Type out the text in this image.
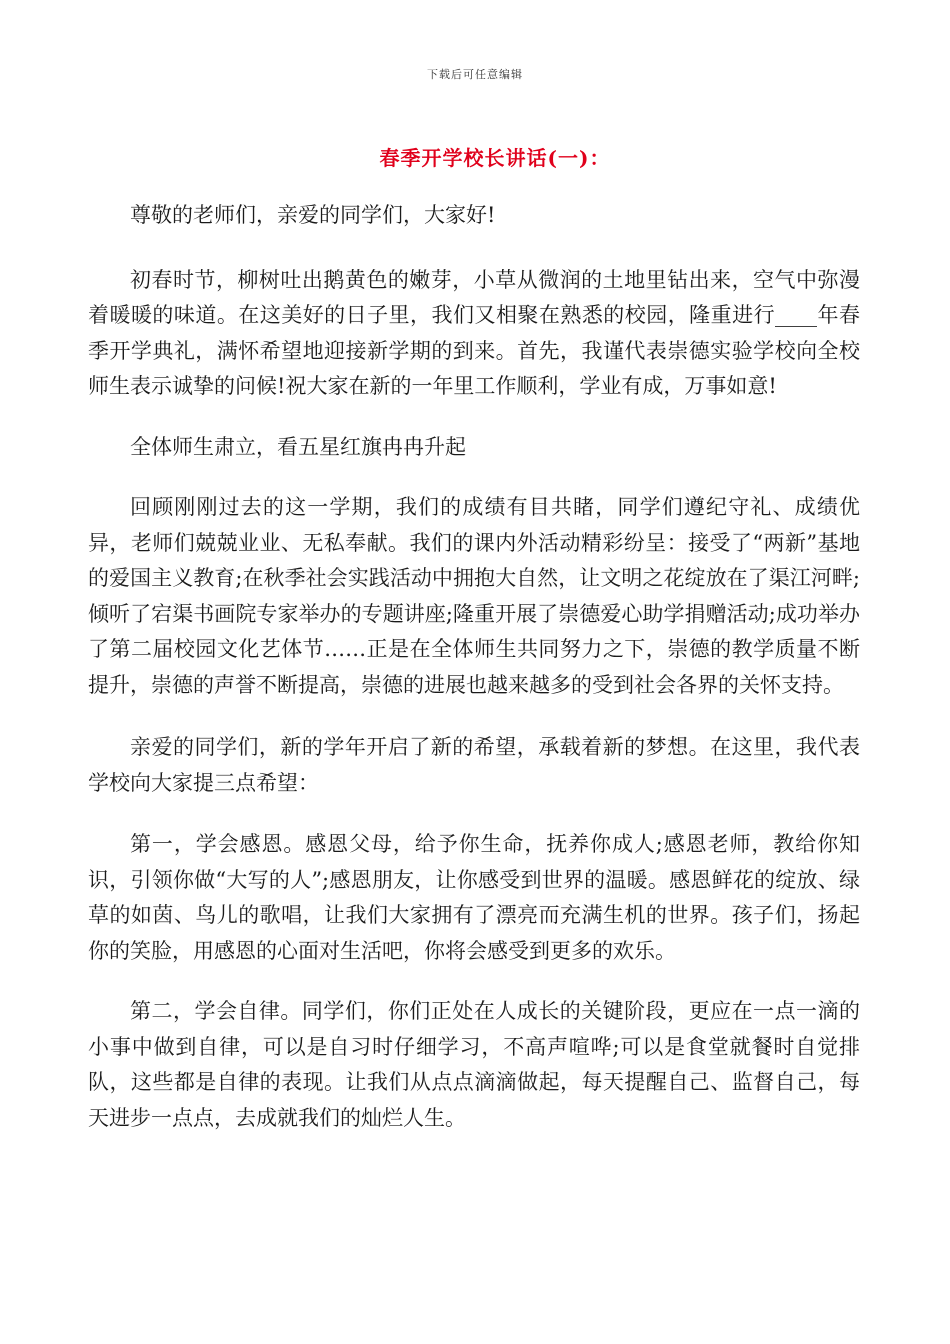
下载后可任意编辑
春季开学校长讲话(一)：

尊敬的老师们，亲爱的同学们，大家好!

初春时节，柳树吐出鹅黄色的嫩芽，小草从微润的土地里钻出来，空气中弥漫着暖暖的味道。在这美好的日子里，我们又相聚在熟悉的校园，隆重进行____年春季开学典礼，满怀希望地迎接新学期的到来。首先，我谨代表崇德实验学校向全校师生表示诚挚的问候!祝大家在新的一年里工作顺利，学业有成，万事如意!

全体师生肃立，看五星红旗冉冉升起

回顾刚刚过去的这一学期，我们的成绩有目共睹，同学们遵纪守礼、成绩优异，老师们兢兢业业、无私奉献。我们的课内外活动精彩纷呈：接受了“两新”基地的爱国主义教育;在秋季社会实践活动中拥抱大自然，让文明之花绽放在了渠江河畔;倾听了宕渠书画院专家举办的专题讲座;隆重开展了崇德爱心助学捐赠活动;成功举办了第二届校园文化艺体节……正是在全体师生共同努力之下，崇德的教学质量不断提升，崇德的声誉不断提高，崇德的进展也越来越多的受到社会各界的关怀支持。

亲爱的同学们，新的学年开启了新的希望，承载着新的梦想。在这里，我代表学校向大家提三点希望：

第一，学会感恩。感恩父母，给予你生命，抚养你成人;感恩老师，教给你知识，引领你做“大写的人”;感恩朋友，让你感受到世界的温暖。感恩鲜花的绽放、绿草的如茵、鸟儿的歌唱，让我们大家拥有了漂亮而充满生机的世界。孩子们，扬起你的笑脸，用感恩的心面对生活吧，你将会感受到更多的欢乐。

第二，学会自律。同学们，你们正处在人成长的关键阶段，更应在一点一滴的小事中做到自律，可以是自习时仔细学习，不高声喧哗;可以是食堂就餐时自觉排队，这些都是自律的表现。让我们从点点滴滴做起，每天提醒自己、监督自己，每天进步一点点，去成就我们的灿烂人生。
